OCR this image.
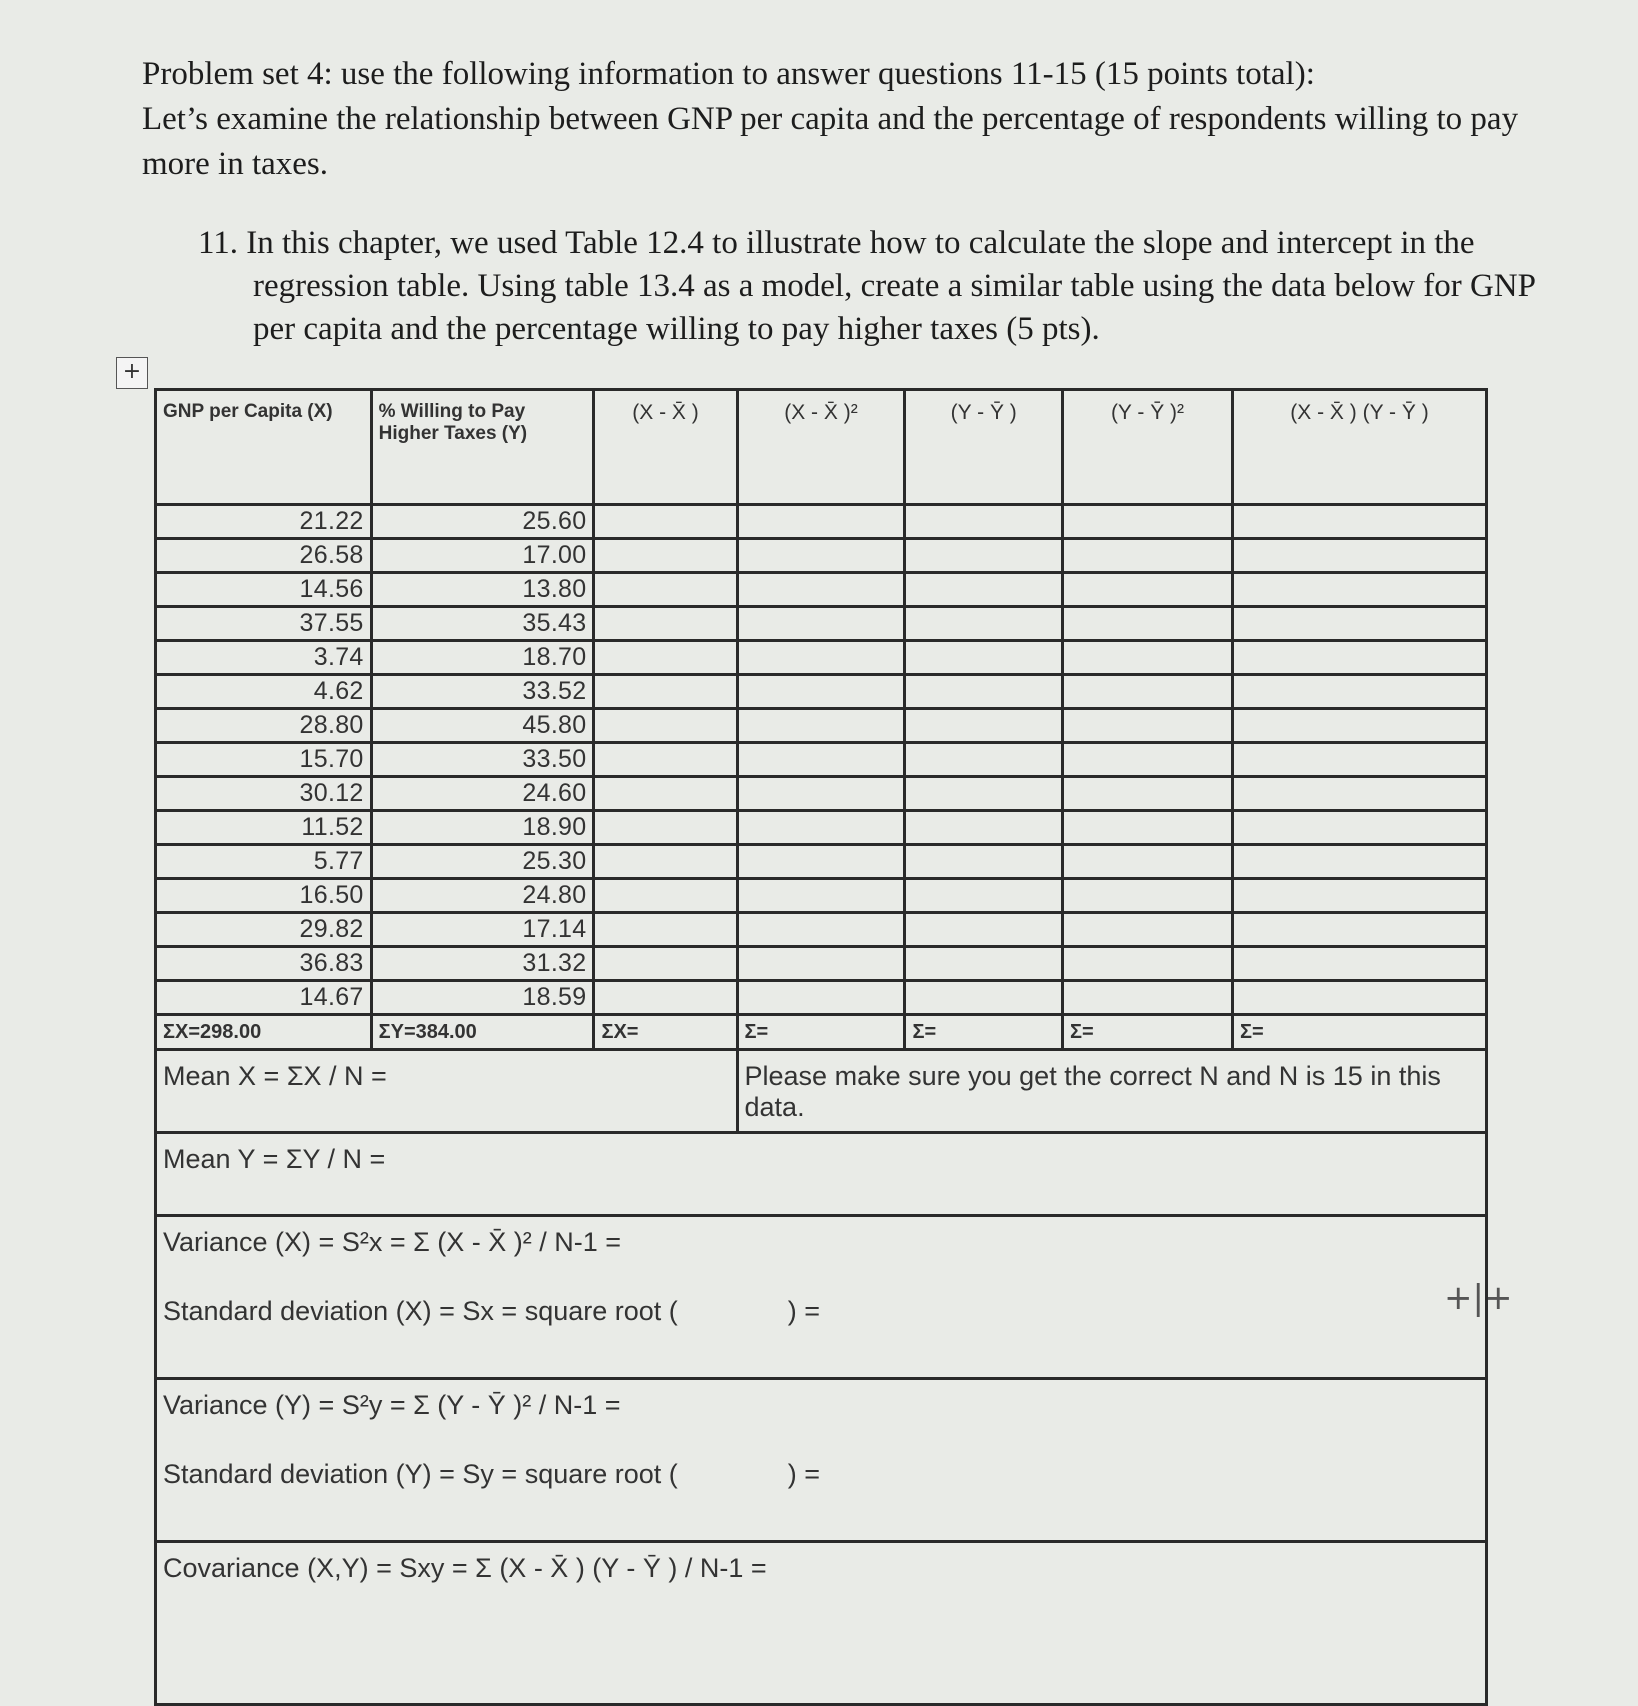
Problem set 4: use the following information to answer questions 11-15 (15 points total):

Let’s examine the relationship between GNP per capita and the percentage of respondents willing to pay more in taxes.

11. In this chapter, we used Table 12.4 to illustrate how to calculate the slope and intercept in the regression table. Using table 13.4 as a model, create a similar table using the data below for GNP per capita and the percentage willing to pay higher taxes (5 pts).
+
+|+
GNP per Capita (X)	% Willing to Pay Higher Taxes (Y)	(X - X̄ )	(X - X̄ )²	(Y - Ȳ )	(Y - Ȳ )²	(X - X̄ ) (Y - Ȳ )
21.22	25.60					
26.58	17.00					
14.56	13.80					
37.55	35.43					
3.74	18.70					
4.62	33.52					
28.80	45.80					
15.70	33.50					
30.12	24.60					
11.52	18.90					
5.77	25.30					
16.50	24.80					
29.82	17.14					
36.83	31.32					
14.67	18.59					
ΣX=298.00	ΣY=384.00	ΣX=	Σ=	Σ=	Σ=	Σ=
Mean X = ΣX / N =			Please make sure you get the correct N and N is 15 in this data.			
Mean Y = ΣY / N =						

Variance (X) = S²x = Σ (X - X̄ )² / N-1 =
Standard deviation (X) = Sx = square root ( ) =						

Variance (Y) = S²y = Σ (Y - Ȳ )² / N-1 =
Standard deviation (Y) = Sy = square root ( ) =						

Covariance (X,Y) = Sxy = Σ (X - X̄ ) (Y - Ȳ ) / N-1 =						
